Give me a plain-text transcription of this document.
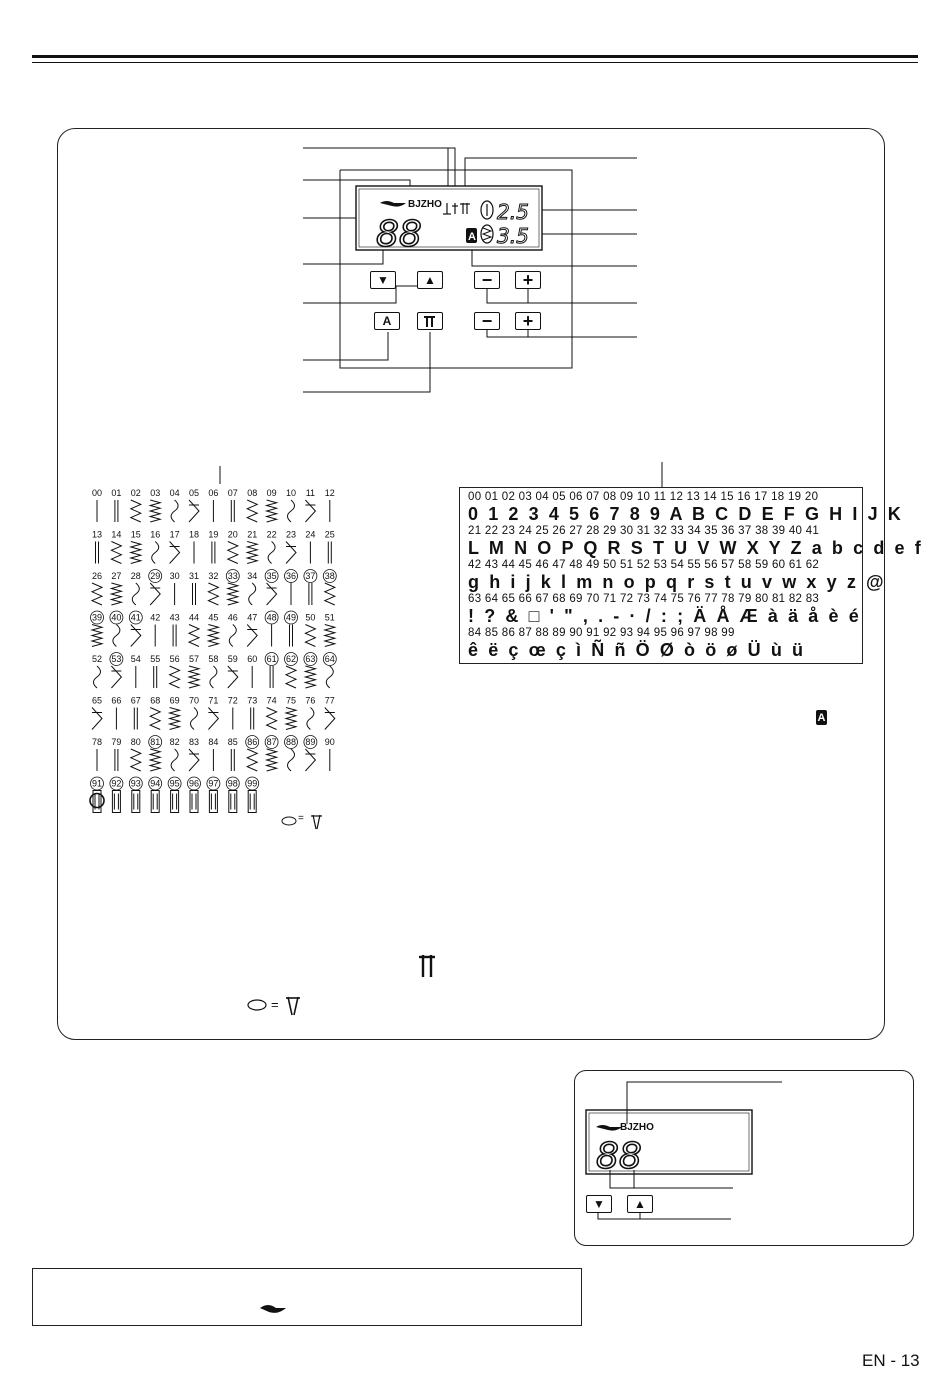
BJZHO
88
2.5
A 3.5
▼	▲	− +
A	− +
00 01 02 03 04 05 06 07 08 09 10 11 12
13 14 15 16 17 18 19 20 21 22 23 24 25
26 27 28 29 30 31 32 33 34 35 36 37 38
39 40 41 42 43 44 45 46 47 48 49 50 51
52 53 54 55 56 57 58 59 60 61 62 63 64
65 66 67 68 69 70 71 72 73 74 75 76 77
78 79 80 81 82 83 84 85 86 87 88 89 90
91 92 93 94 95 96 97 98 99
00 01 02 03 04 05 06 07 08 09 10 11 12 13 14 15 16 17 18 19 20
0 1 2 3 4 5 6 7 8 9 A B C D E F G H I J K
21 22 23 24 25 26 27 28 29 30 31 32 33 34 35 36 37 38 39 40 41
L M N O P Q R S T U V W X Y Z a b c d e f
42 43 44 45 46 47 48 49 50 51 52 53 54 55 56 57 58 59 60 61 62
g h i j k l m n o p q r s t u v w x y z @
63 64 65 66 67 68 69 70 71 72 73 74 75 76 77 78 79 80 81 82 83
! ? & □ ' " , . - · / : ; Ä Å Æ à ä å è é
84 85 86 87 88 89 90 91 92 93 94 95 96 97 98 99
ê ë ç œ ç ì Ñ ñ Ö Ø ò ö ø Ü ù ü
A
=
=
BJZHO
88
▼ ▲
EN - 13
